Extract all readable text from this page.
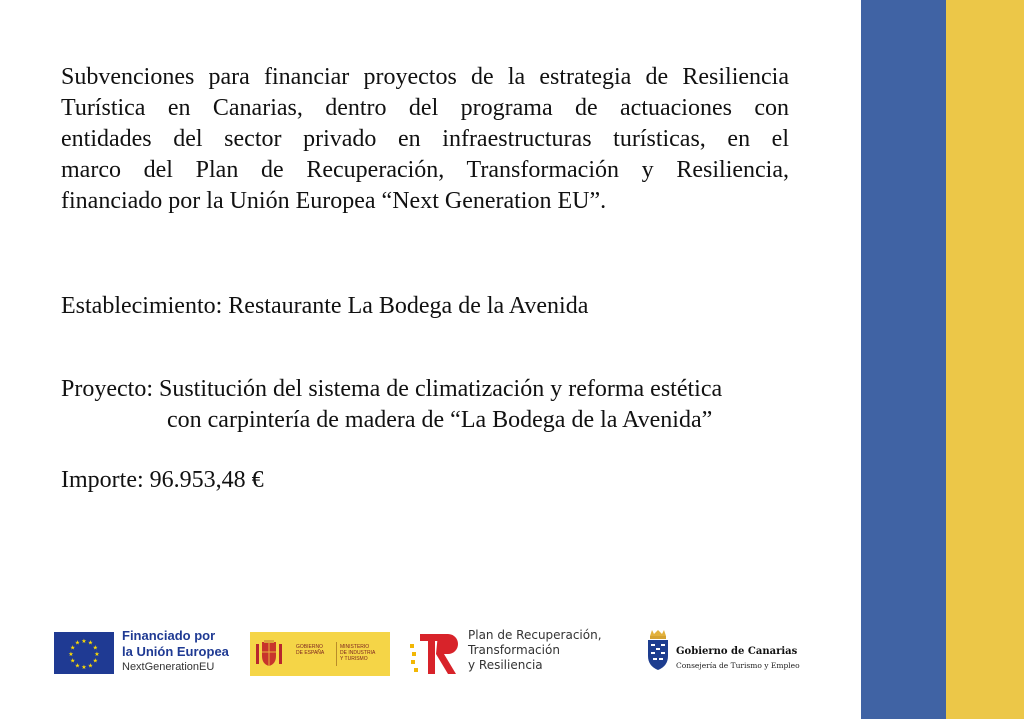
Subvenciones para financiar proyectos de la estrategia de Resiliencia
Turística en Canarias, dentro del programa de actuaciones con
entidades del sector privado en infraestructuras turísticas, en el
marco del Plan de Recuperación, Transformación y Resiliencia,
financiado por la Unión Europea “Next Generation EU”.
Establecimiento: Restaurante La Bodega de la Avenida
Proyecto: Sustitución del sistema de climatización y reforma estética
con carpintería de madera de “La Bodega de la Avenida”
Importe: 96.953,48 €
★ ★
★
★
★
★
★
★
★
★
★
★
Financiado por
la Unión Europea
NextGenerationEU
GOBIERNO
DE ESPAÑA
MINISTERIO
DE INDUSTRIA
Y TURISMO
Plan de Recuperación,
Transformación
y Resiliencia
Gobierno de Canarias
Consejería de Turismo y Empleo
